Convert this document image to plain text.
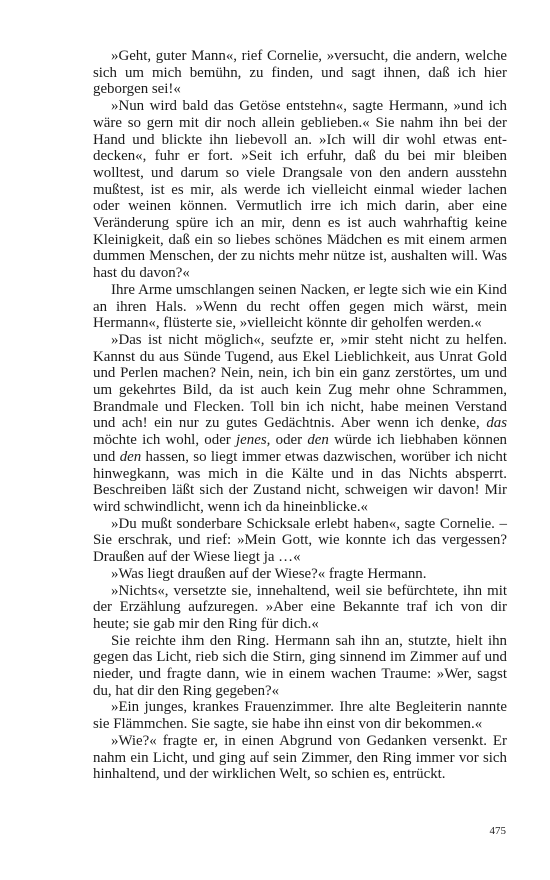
»Geht, guter Mann«, rief Cornelie, »versucht, die andern, welche sich um mich bemühn, zu finden, und sagt ihnen, daß ich hier geborgen sei!«

»Nun wird bald das Getöse entstehn«, sagte Hermann, »und ich wäre so gern mit dir noch allein geblieben.« Sie nahm ihn bei der Hand und blickte ihn liebevoll an. »Ich will dir wohl etwas entdecken«, fuhr er fort. »Seit ich erfuhr, daß du bei mir bleiben wolltest, und darum so viele Drangsale von den andern ausstehn mußtest, ist es mir, als werde ich vielleicht einmal wieder lachen oder weinen können. Vermutlich irre ich mich darin, aber eine Veränderung spüre ich an mir, denn es ist auch wahrhaftig keine Kleinigkeit, daß ein so liebes schönes Mädchen es mit einem armen dummen Menschen, der zu nichts mehr nütze ist, aushalten will. Was hast du davon?«

Ihre Arme umschlangen seinen Nacken, er legte sich wie ein Kind an ihren Hals. »Wenn du recht offen gegen mich wärst, mein Hermann«, flüsterte sie, »vielleicht könnte dir geholfen werden.«

»Das ist nicht möglich«, seufzte er, »mir steht nicht zu helfen. Kannst du aus Sünde Tugend, aus Ekel Lieblichkeit, aus Unrat Gold und Perlen machen? Nein, nein, ich bin ein ganz zerstörtes, um und um gekehrtes Bild, da ist auch kein Zug mehr ohne Schrammen, Brandmale und Flecken. Toll bin ich nicht, habe meinen Verstand und ach! ein nur zu gutes Gedächtnis. Aber wenn ich denke, das möchte ich wohl, oder jenes, oder den würde ich liebhaben können und den hassen, so liegt immer etwas dazwischen, worüber ich nicht hinwegkann, was mich in die Kälte und in das Nichts absperrt. Beschreiben läßt sich der Zustand nicht, schweigen wir davon! Mir wird schwindlicht, wenn ich da hineinblicke.«

»Du mußt sonderbare Schicksale erlebt haben«, sagte Cornelie. – Sie erschrak, und rief: »Mein Gott, wie konnte ich das vergessen? Draußen auf der Wiese liegt ja …«

»Was liegt draußen auf der Wiese?« fragte Hermann.

»Nichts«, versetzte sie, innehaltend, weil sie befürchtete, ihn mit der Erzählung aufzuregen. »Aber eine Bekannte traf ich von dir heute; sie gab mir den Ring für dich.«

Sie reichte ihm den Ring. Hermann sah ihn an, stutzte, hielt ihn gegen das Licht, rieb sich die Stirn, ging sinnend im Zimmer auf und nieder, und fragte dann, wie in einem wachen Traume: »Wer, sagst du, hat dir den Ring gegeben?«

»Ein junges, krankes Frauenzimmer. Ihre alte Begleiterin nannte sie Flämmchen. Sie sagte, sie habe ihn einst von dir bekommen.«

»Wie?« fragte er, in einen Abgrund von Gedanken versenkt. Er nahm ein Licht, und ging auf sein Zimmer, den Ring immer vor sich hinhaltend, und der wirklichen Welt, so schien es, entrückt.

475
